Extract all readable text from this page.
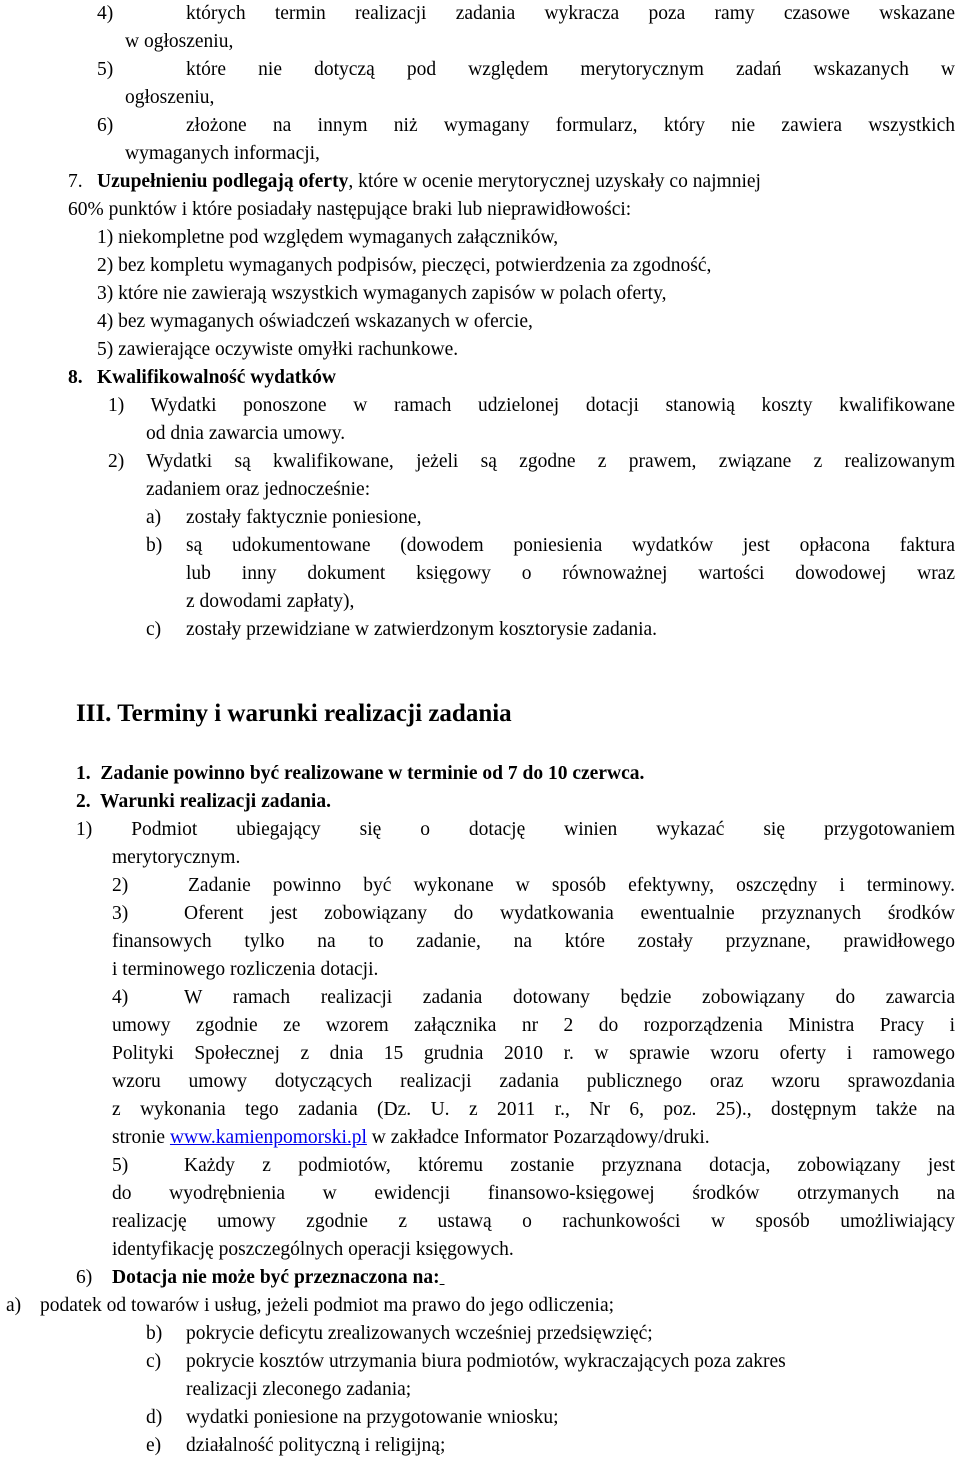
4)	których termin realizacji zadania wykracza poza ramy czasowe wskazane
w ogłoszeniu,
5)	które nie dotyczą pod względem merytorycznym zadań wskazanych w
ogłoszeniu,
6)	złożone na innym niż wymagany formularz, który nie zawiera wszystkich
wymaganych informacji,
7. Uzupełnieniu podlegają oferty, które w ocenie merytorycznej uzyskały co najmniej
60% punktów i które posiadały następujące braki lub nieprawidłowości:
1) niekompletne pod względem wymaganych załączników,
2) bez kompletu wymaganych podpisów, pieczęci, potwierdzenia za zgodność,
3) które nie zawierają wszystkich wymaganych zapisów w polach oferty,
4) bez wymaganych oświadczeń wskazanych w ofercie,
5) zawierające oczywiste omyłki rachunkowe.
8. Kwalifikowalność wydatków
1) Wydatki ponoszone w ramach udzielonej dotacji stanowią koszty kwalifikowane
od dnia zawarcia umowy.
2) Wydatki są kwalifikowane, jeżeli są zgodne z prawem, związane z realizowanym
zadaniem oraz jednocześnie:
a) zostały faktycznie poniesione,
b) są udokumentowane (dowodem poniesienia wydatków jest opłacona faktura
lub inny dokument księgowy o równoważnej wartości dowodowej wraz
z dowodami zapłaty),
c) zostały przewidziane w zatwierdzonym kosztorysie zadania.
III. Terminy i warunki realizacji zadania
1.  Zadanie powinno być realizowane w terminie od 7 do 10 czerwca.
2.  Warunki realizacji zadania.
1) Podmiot ubiegający się o dotację winien wykazać się przygotowaniem
merytorycznym.
2)	Zadanie powinno być wykonane w sposób efektywny, oszczędny i terminowy.
3)	Oferent jest zobowiązany do wydatkowania ewentualnie przyznanych środków
finansowych tylko na to zadanie, na które zostały przyznane, prawidłowego
i terminowego rozliczenia dotacji.
4)	W ramach realizacji zadania dotowany będzie zobowiązany do zawarcia
umowy zgodnie ze wzorem załącznika nr 2 do rozporządzenia Ministra Pracy i
Polityki Społecznej z dnia 15 grudnia 2010 r. w sprawie wzoru oferty i ramowego
wzoru umowy dotyczących realizacji zadania publicznego oraz wzoru sprawozdania
z wykonania tego zadania (Dz. U. z 2011 r., Nr 6, poz. 25)., dostępnym także na
stronie www.kamienpomorski.pl w zakładce Informator Pozarządowy/druki.
5)	Każdy z podmiotów, któremu zostanie przyznana dotacja, zobowiązany jest
do wyodrębnienia w ewidencji finansowo-księgowej środków otrzymanych na
realizację umowy zgodnie z ustawą o rachunkowości w sposób umożliwiający
identyfikację poszczególnych operacji księgowych.
6) Dotacja nie może być przeznaczona na:
a) podatek od towarów i usług, jeżeli podmiot ma prawo do jego odliczenia;
b) pokrycie deficytu zrealizowanych wcześniej przedsięwzięć;
c) pokrycie kosztów utrzymania biura podmiotów, wykraczających poza zakres
realizacji zleconego zadania;
d) wydatki poniesione na przygotowanie wniosku;
e) działalność polityczną i religijną;
